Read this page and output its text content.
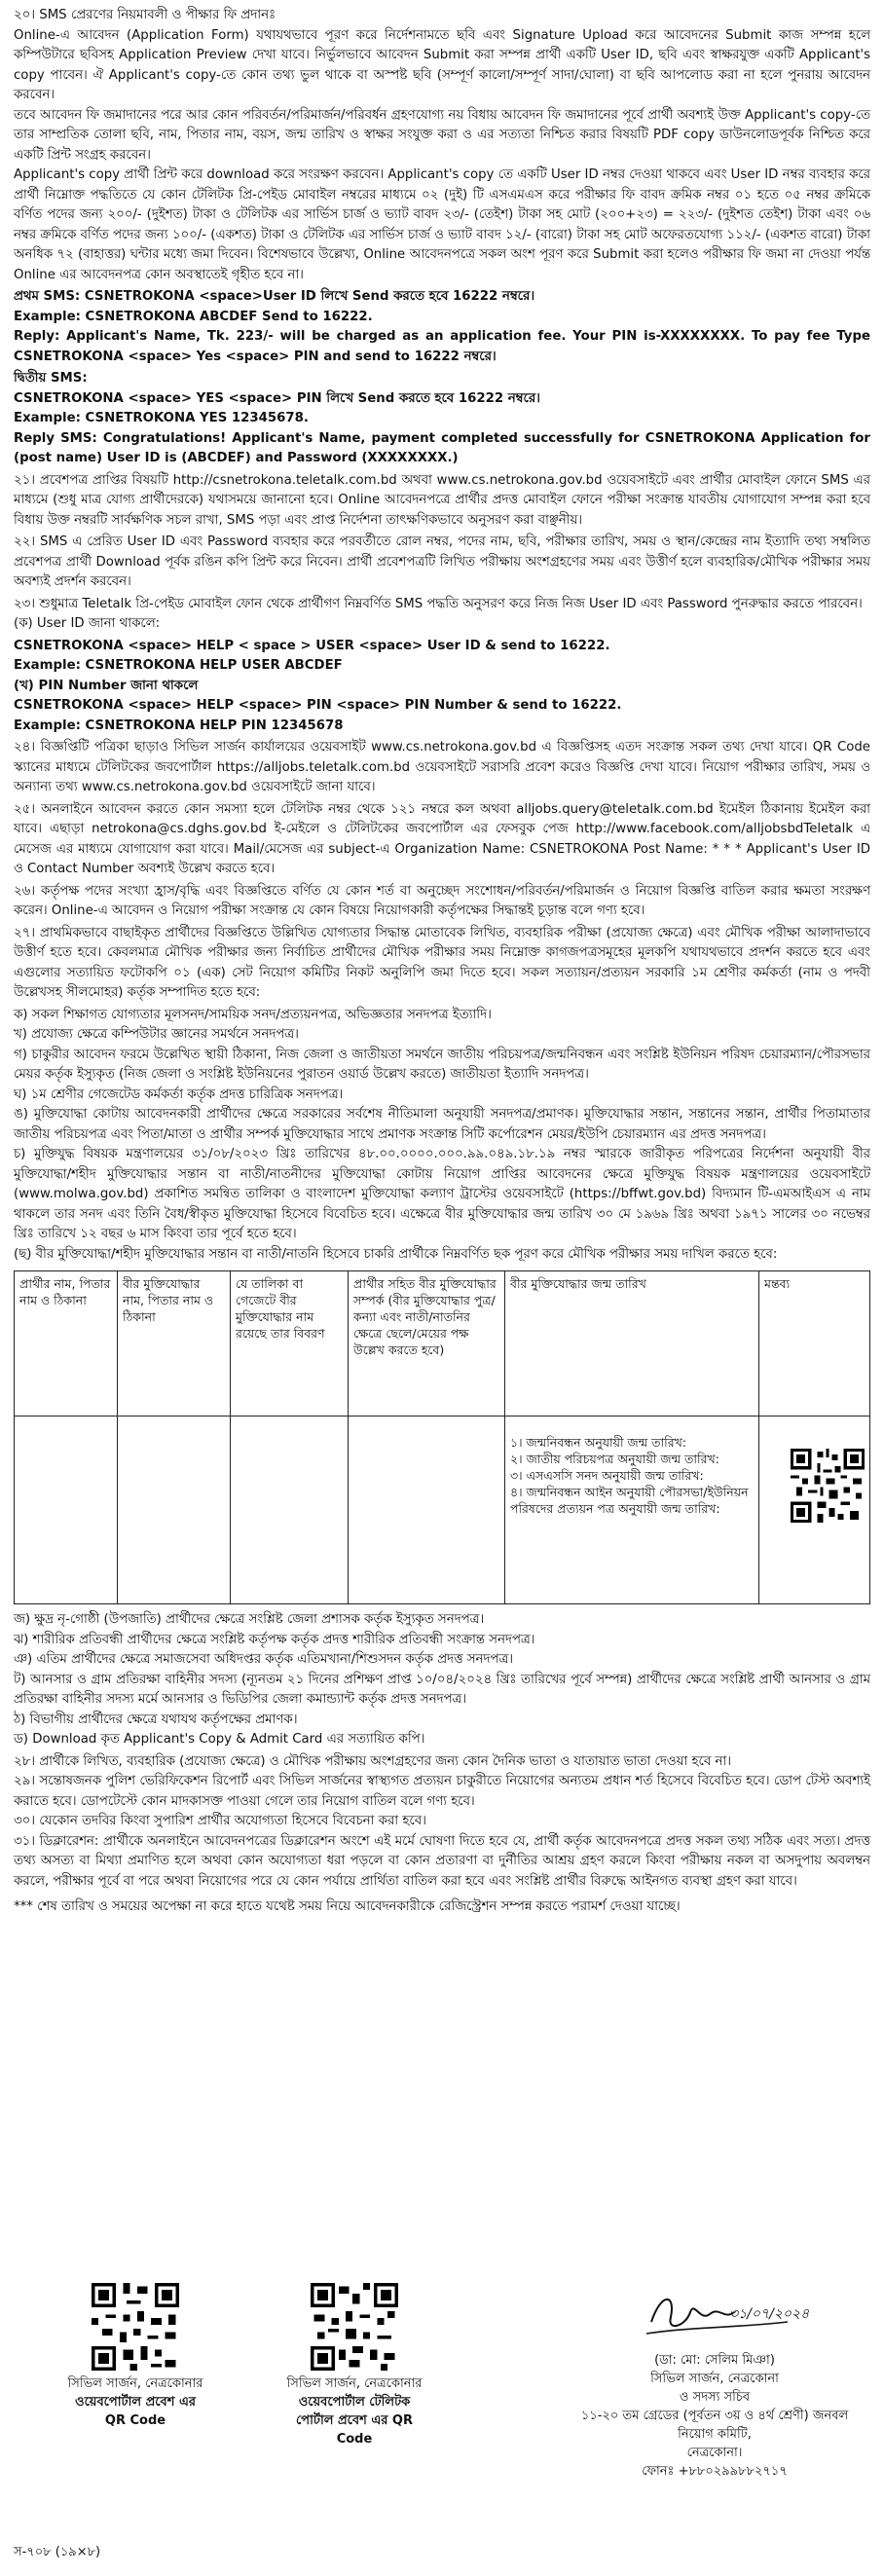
২০। SMS প্রেরণের নিয়মাবলী ও পীক্ষার ফি প্রদানঃ
Online-এ আবেদন (Application Form) যথাযথভাবে পূরণ করে নির্দেশনামতে ছবি এবং Signature Upload করে আবেদনের Submit কাজ সম্পন্ন হলে কম্পিউটারে ছবিসহ Application Preview দেখা যাবে। নির্ভুলভাবে আবেদন Submit করা সম্পন্ন প্রার্থী একটি User ID, ছবি এবং স্বাক্ষরযুক্ত একটি Applicant's copy পাবেন। ঐ Applicant's copy-তে কোন তথ্য ভুল থাকে বা অস্পষ্ট ছবি (সম্পূর্ণ কালো/সম্পূর্ণ সাদা/ঘোলা) বা ছবি আপলোড করা না হলে পুনরায় আবেদন করবেন।
তবে আবেদন ফি জমাদানের পরে আর কোন পরিবর্তন/পরিমার্জন/পরিবর্ধন গ্রহণযোগ্য নয় বিধায় আবেদন ফি জমাদানের পূর্বে প্রার্থী অবশ্যই উক্ত Applicant's copy-তে তার সাম্প্রতিক তোলা ছবি, নাম, পিতার নাম, বয়স, জন্ম তারিখ ও স্বাক্ষর সংযুক্ত করা ও এর সত্যতা নিশ্চিত করার বিষয়টি PDF copy ডাউনলোডপূর্বক নিশ্চিত করে একটি প্রিন্ট সংগ্রহ করবেন।
Applicant's copy প্রার্থী প্রিন্ট করে download করে সংরক্ষণ করবেন। Applicant's copy তে একটি User ID নম্বর দেওয়া থাকবে এবং User ID নম্বর ব্যবহার করে প্রার্থী নিম্নোক্ত পদ্ধতিতে যে কোন টেলিটক প্রি-পেইড মোবাইল নম্বরের মাধ্যমে ০২ (দুই) টি এসএমএস করে পরীক্ষার ফি বাবদ ক্রমিক নম্বর ০১ হতে ০৫ নম্বর ক্রমিকে বর্ণিত পদের জন্য ২০০/- (দুইশত) টাকা ও টেলিটক এর সার্ভিস চার্জ ও ভ্যাট বাবদ ২৩/- (তেইশ) টাকা সহ মোট (২০০+২৩) = ২২৩/- (দুইশত তেইশ) টাকা এবং ০৬ নম্বর ক্রমিকে বর্ণিত পদের জন্য ১০০/- (একশত) টাকা ও টেলিটক এর সার্ভিস চার্জ ও ভ্যাট বাবদ ১২/- (বারো) টাকা সহ মোট অফেরতযোগ্য ১১২/- (একশত বারো) টাকা অনধিক ৭২ (বাহাত্তর) ঘন্টার মধ্যে জমা দিবেন। বিশেষভাবে উল্লেখ্য, Online আবেদনপত্রে সকল অংশ পূরণ করে Submit করা হলেও পরীক্ষার ফি জমা না দেওয়া পর্যন্ত Online এর আবেদনপত্র কোন অবস্থাতেই গৃহীত হবে না।

প্রথম SMS: CSNETROKONA <space>User ID লিখে Send করতে হবে 16222 নম্বরে।
Example: CSNETROKONA ABCDEF Send to 16222.
Reply: Applicant's Name, Tk. 223/- will be charged as an application fee. Your PIN is-XXXXXXXX. To pay fee Type CSNETROKONA <space> Yes <space> PIN and send to 16222 নম্বরে।

দ্বিতীয় SMS:
CSNETROKONA <space> YES <space> PIN লিখে Send করতে হবে 16222 নম্বরে।
Example: CSNETROKONA YES 12345678.
Reply SMS: Congratulations! Applicant's Name, payment completed successfully for CSNETROKONA Application for (post name) User ID is (ABCDEF) and Password (XXXXXXXX.)

২১। প্রবেশপত্র প্রাপ্তির বিষয়টি http://csnetrokona.teletalk.com.bd অথবা www.cs.netrokona.gov.bd ওয়েবসাইটে এবং প্রার্থীর মোবাইল ফোনে SMS এর মাধ্যমে (শুধু মাত্র যোগ্য প্রার্থীদেরকে) যথাসময়ে জানানো হবে। Online আবেদনপত্রে প্রার্থীর প্রদত্ত মোবাইল ফোনে পরীক্ষা সংক্রান্ত যাবতীয় যোগাযোগ সম্পন্ন করা হবে বিধায় উক্ত নম্বরটি সার্বক্ষণিক সচল রাখা, SMS পড়া এবং প্রাপ্ত নির্দেশনা তাৎক্ষণিকভাবে অনুসরণ করা বাঞ্ছনীয়।

২২। SMS এ প্রেরিত User ID এবং Password ব্যবহার করে পরবর্তীতে রোল নম্বর, পদের নাম, ছবি, পরীক্ষার তারিখ, সময় ও স্থান/কেন্দ্রের নাম ইত্যাদি তথ্য সম্বলিত প্রবেশপত্র প্রার্থী Download পূর্বক রঙিন কপি প্রিন্ট করে নিবেন। প্রার্থী প্রবেশপত্রটি লিখিত পরীক্ষায় অংশগ্রহণের সময় এবং উত্তীর্ণ হলে ব্যবহারিক/মৌখিক পরীক্ষার সময় অবশ্যই প্রদর্শন করবেন।

২৩। শুধুমাত্র Teletalk প্রি-পেইড মোবাইল ফোন থেকে প্রার্থীগণ নিম্নবর্ণিত SMS পদ্ধতি অনুসরণ করে নিজ নিজ User ID এবং Password পুনরুদ্ধার করতে পারবেন।
(ক) User ID জানা থাকলে:

CSNETROKONA <space> HELP < space > USER <space> User ID & send to 16222.
Example: CSNETROKONA HELP USER ABCDEF
(খ) PIN Number জানা থাকলে
CSNETROKONA <space> HELP <space> PIN <space> PIN Number & send to 16222.
Example: CSNETROKONA HELP PIN 12345678

২৪। বিজ্ঞপ্তিটি পত্রিকা ছাড়াও সিভিল সার্জন কার্যালয়ের ওয়েবসাইট www.cs.netrokona.gov.bd এ বিজ্ঞপ্তিসহ এতদ সংক্রান্ত সকল তথ্য দেখা যাবে। QR Code স্ক্যানের মাধ্যমে টেলিটকের জবপোর্টাল https://alljobs.teletalk.com.bd ওয়েবসাইটে সরাসরি প্রবেশ করেও বিজ্ঞপ্তি দেখা যাবে। নিয়োগ পরীক্ষার তারিখ, সময় ও অন্যান্য তথ্য www.cs.netrokona.gov.bd ওয়েবসাইটে জানা যাবে।

২৫। অনলাইনে আবেদন করতে কোন সমস্যা হলে টেলিটক নম্বর থেকে ১২১ নম্বরে কল অথবা alljobs.query@teletalk.com.bd ইমেইল ঠিকানায় ইমেইল করা যাবে। এছাড়া netrokona@cs.dghs.gov.bd ই-মেইলে ও টেলিটকের জবপোর্টাল এর ফেসবুক পেজ http://www.facebook.com/alljobsbdTeletalk এ মেসেজ এর মাধ্যমে যোগাযোগ করা যাবে। Mail/মেসেজ এর subject-এ Organization Name: CSNETROKONA Post Name: * * * Applicant's User ID ও Contact Number অবশ্যই উল্লেখ করতে হবে।

২৬। কর্তৃপক্ষ পদের সংখ্যা হ্রাস/বৃদ্ধি এবং বিজ্ঞপ্তিতে বর্ণিত যে কোন শর্ত বা অনুচ্ছেদ সংশোধন/পরিবর্তন/পরিমার্জন ও নিয়োগ বিজ্ঞপ্তি বাতিল করার ক্ষমতা সংরক্ষণ করেন। Online-এ আবেদন ও নিয়োগ পরীক্ষা সংক্রান্ত যে কোন বিষয়ে নিয়োগকারী কর্তৃপক্ষের সিদ্ধান্তই চূড়ান্ত বলে গণ্য হবে।

২৭। প্রাথমিকভাবে বাছাইকৃত প্রার্থীদের বিজ্ঞপ্তিতে উল্লিখিত যোগ্যতার সিদ্ধান্ত মোতাবেক লিখিত, ব্যবহারিক পরীক্ষা (প্রযোজ্য ক্ষেত্রে) এবং মৌখিক পরীক্ষা আলাদাভাবে উত্তীর্ণ হতে হবে। কেবলমাত্র মৌখিক পরীক্ষার জন্য নির্বাচিত প্রার্থীদের মৌখিক পরীক্ষার সময় নিম্নোক্ত কাগজপত্রসমূহের মূলকপি যথাযথভাবে প্রদর্শন করতে হবে এবং এগুলোর সত্যায়িত ফটোকপি ০১ (এক) সেট নিয়োগ কমিটির নিকট অনুলিপি জমা দিতে হবে। সকল সত্যায়ন/প্রত্যয়ন সরকারি ১ম শ্রেণীর কর্মকর্তা (নাম ও পদবী উল্লেখসহ সীলমোহর) কর্তৃক সম্পাদিত হতে হবে:

ক) সকল শিক্ষাগত যোগ্যতার মূলসনদ/সাময়িক সনদ/প্রত্যয়নপত্র, অভিজ্ঞতার সনদপত্র ইত্যাদি।
খ) প্রযোজ্য ক্ষেত্রে কম্পিউটার জ্ঞানের সমর্থনে সনদপত্র।
গ) চাকুরীর আবেদন ফরমে উল্লেখিত স্থায়ী ঠিকানা, নিজ জেলা ও জাতীয়তা সমর্থনে জাতীয় পরিচয়পত্র/জন্মনিবন্ধন এবং সংশ্লিষ্ট ইউনিয়ন পরিষদ চেয়ারম্যান/পৌরসভার মেয়র কর্তৃক ইস্যুকৃত (নিজ জেলা ও সংশ্লিষ্ট ইউনিয়নের পুরাতন ওয়ার্ড উল্লেখ করতে) জাতীয়তা ইত্যাদি সনদপত্র।
ঘ) ১ম শ্রেণীর গেজেটেড কর্মকর্তা কর্তৃক প্রদত্ত চারিত্রিক সনদপত্র।
ঙ) মুক্তিযোদ্ধা কোটায় আবেদনকারী প্রার্থীদের ক্ষেত্রে সরকারের সর্বশেষ নীতিমালা অনুযায়ী সনদপত্র/প্রমাণক। মুক্তিযোদ্ধার সন্তান, সন্তানের সন্তান, প্রার্থীর পিতামাতার জাতীয় পরিচয়পত্র এবং পিতা/মাতা ও প্রার্থীর সম্পর্ক মুক্তিযোদ্ধার সাথে প্রমাণক সংক্রান্ত সিটি কর্পোরেশন মেয়র/ইউপি চেয়ারম্যান এর প্রদত্ত সনদপত্র।
চ) মুক্তিযুদ্ধ বিষয়ক মন্ত্রণালয়ের ৩১/০৮/২০২৩ খ্রিঃ তারিখের ৪৮.০০.০০০০.০০০.৯৯.০৪৯.১৮.১৯ নম্বর স্মারকে জারীকৃত পরিপত্রের নির্দেশনা অনুযায়ী বীর মুক্তিযোদ্ধা/শহীদ মুক্তিযোদ্ধার সন্তান বা নাতী/নাতনীদের মুক্তিযোদ্ধা কোটায় নিয়োগ প্রাপ্তির আবেদনের ক্ষেত্রে মুক্তিযুদ্ধ বিষয়ক মন্ত্রণালয়ের ওয়েবসাইটে (www.molwa.gov.bd) প্রকাশিত সমন্বিত তালিকা ও বাংলাদেশ মুক্তিযোদ্ধা কল্যাণ ট্রাস্টের ওয়েবসাইটে (https://bffwt.gov.bd) বিদ্যমান টি-এমআইএস এ নাম থাকলে তার সনদ এবং তিনি বৈধ/স্বীকৃত মুক্তিযোদ্ধা হিসেবে বিবেচিত হবে। এক্ষেত্রে বীর মুক্তিযোদ্ধার জন্ম তারিখ ৩০ মে ১৯৬৯ খ্রিঃ অথবা ১৯৭১ সালের ৩০ নভেম্বর খ্রিঃ তারিখে ১২ বছর ৬ মাস কিংবা তার পূর্বে হতে হবে।
(ছ) বীর মুক্তিযোদ্ধা/শহীদ মুক্তিযোদ্ধার সন্তান বা নাতী/নাতনি হিসেবে চাকরি প্রার্থীকে নিম্নবর্ণিত ছক পূরণ করে মৌখিক পরীক্ষার সময় দাখিল করতে হবে:

প্রার্থীর নাম, পিতার নাম ও ঠিকানা	বীর মুক্তিযোদ্ধার নাম, পিতার নাম ও ঠিকানা	যে তালিকা বা গেজেটে বীর মুক্তিযোদ্ধার নাম রয়েছে তার বিবরণ	প্রার্থীর সহিত বীর মুক্তিযোদ্ধার সম্পর্ক (বীর মুক্তিযোদ্ধার পুত্র/কন্যা এবং নাতী/নাতনির ক্ষেত্রে ছেলে/মেয়ের পক্ষ উল্লেখ করতে হবে)	বীর মুক্তিযোদ্ধার জন্ম তারিখ	মন্তব্য
				১। জন্মনিবন্ধন অনুযায়ী জন্ম তারিখ:
২। জাতীয় পরিচয়পত্র অনুযায়ী জন্ম তারিখ:
৩। এসএসসি সনদ অনুযায়ী জন্ম তারিখ:
৪। জন্মনিবন্ধন আইন অনুযায়ী পৌরসভা/ইউনিয়ন পরিষদের প্রত্যয়ন পত্র অনুযায়ী জন্ম তারিখ:	

জ) ক্ষুদ্র নৃ-গোষ্ঠী (উপজাতি) প্রার্থীদের ক্ষেত্রে সংশ্লিষ্ট জেলা প্রশাসক কর্তৃক ইস্যুকৃত সনদপত্র।
ঝ) শারীরিক প্রতিবন্ধী প্রার্থীদের ক্ষেত্রে সংশ্লিষ্ট কর্তৃপক্ষ কর্তৃক প্রদত্ত শারীরিক প্রতিবন্ধী সংক্রান্ত সনদপত্র।
ঞ) এতিম প্রার্থীদের ক্ষেত্রে সমাজসেবা অধিদপ্তর কর্তৃক এতিমখানা/শিশুসদন কর্তৃক প্রদত্ত সনদপত্র।
ট) আনসার ও গ্রাম প্রতিরক্ষা বাহিনীর সদস্য (ন্যূনতম ২১ দিনের প্রশিক্ষণ প্রাপ্ত ১০/০৪/২০২৪ খ্রিঃ তারিখের পূর্বে সম্পন্ন) প্রার্থীদের ক্ষেত্রে সংশ্লিষ্ট প্রার্থী আনসার ও গ্রাম প্রতিরক্ষা বাহিনীর সদস্য মর্মে আনসার ও ভিডিপির জেলা কমান্ড্যান্ট কর্তৃক প্রদত্ত সনদপত্র।
ঠ) বিভাগীয় প্রার্থীদের ক্ষেত্রে যথাযথ কর্তৃপক্ষের প্রমাণক।
ড) Download কৃত Applicant's Copy & Admit Card এর সত্যায়িত কপি।

২৮। প্রার্থীকে লিখিত, ব্যবহারিক (প্রযোজ্য ক্ষেত্রে) ও মৌখিক পরীক্ষায় অংশগ্রহণের জন্য কোন দৈনিক ভাতা ও যাতায়াত ভাতা দেওয়া হবে না।
২৯। সন্তোষজনক পুলিশ ভেরিফিকেশন রিপোর্ট এবং সিভিল সার্জনের স্বাস্থ্যগত প্রত্যয়ন চাকুরীতে নিয়োগের অন্যতম প্রধান শর্ত হিসেবে বিবেচিত হবে। ডোপ টেস্ট অবশ্যই করাতে হবে। ডোপটেস্টে কোন মাদকাসক্ত পাওয়া গেলে তার নিয়োগ বাতিল বলে গণ্য হবে।
৩০। যেকোন তদবির কিংবা সুপারিশ প্রার্থীর অযোগ্যতা হিসেবে বিবেচনা করা হবে।
৩১। ডিক্লারেশন: প্রার্থীকে অনলাইনে আবেদনপত্রের ডিক্লারেশন অংশে এই মর্মে ঘোষণা দিতে হবে যে, প্রার্থী কর্তৃক আবেদনপত্রে প্রদত্ত সকল তথ্য সঠিক এবং সত্য। প্রদত্ত তথ্য অসত্য বা মিথ্যা প্রমাণিত হলে অথবা কোন অযোগ্যতা ধরা পড়লে বা কোন প্রতারণা বা দুর্নীতির আশ্রয় গ্রহণ করলে কিংবা পরীক্ষায় নকল বা অসদুপায় অবলম্বন করলে, পরীক্ষার পূর্বে বা পরে অথবা নিয়োগের পরে যে কোন পর্যায়ে প্রার্থিতা বাতিল করা হবে এবং সংশ্লিষ্ট প্রার্থীর বিরুদ্ধে আইনগত ব্যবস্থা গ্রহণ করা যাবে।

*** শেষ তারিখ ও সময়ের অপেক্ষা না করে হাতে যথেষ্ট সময় নিয়ে আবেদনকারীকে রেজিস্ট্রেশন সম্পন্ন করতে পরামর্শ দেওয়া যাচ্ছে।

সিভিল সার্জন, নেত্রকোনার
ওয়েবপোর্টাল প্রবেশ এর
QR Code
সিভিল সার্জন, নেত্রকোনার
ওয়েবপোর্টাল টেলিটক
পোর্টাল প্রবেশ এর QR
Code
৩১/০৭/২০২৪
(ডা: মো: সেলিম মিঞা)
সিভিল সার্জন, নেত্রকোনা
ও সদস্য সচিব
১১-২০ তম গ্রেডের (পূর্বতন ৩য় ও ৪র্থ শ্রেণী) জনবল নিয়োগ কমিটি,
নেত্রকোনা।
ফোনঃ +৮৮০২৯৯৮৮২৭১৭
স-৭০৮ (১৯×৮)
